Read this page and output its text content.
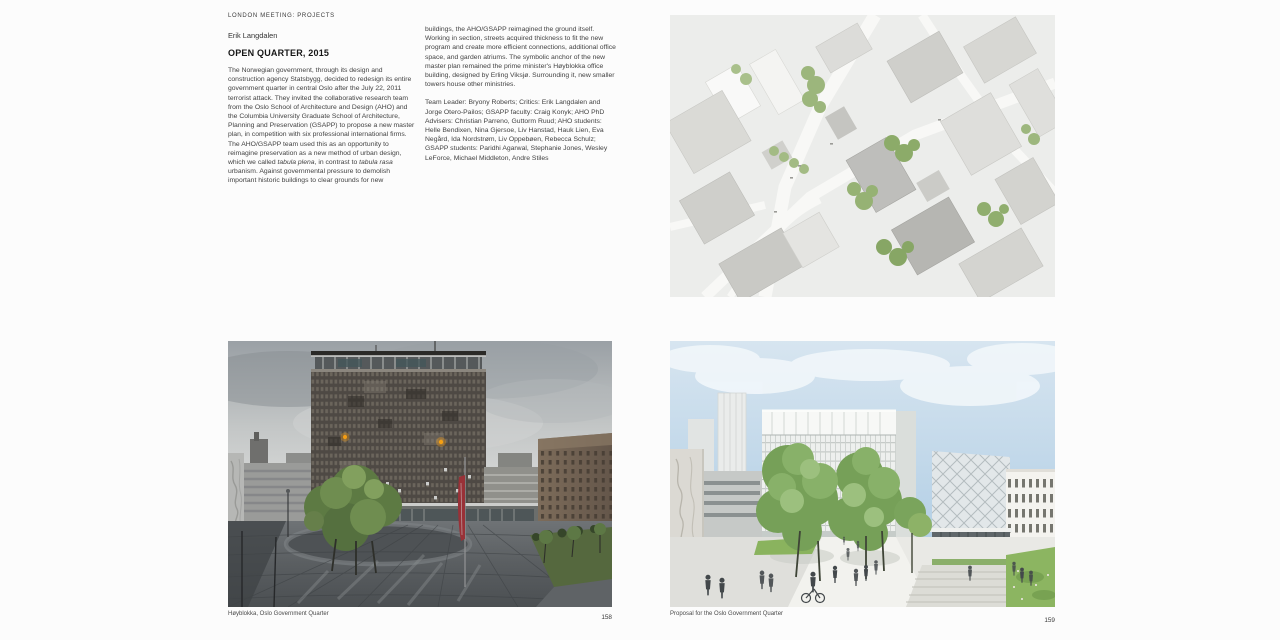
LONDON MEETING: PROJECTS
Erik Langdalen
OPEN QUARTER, 2015
The Norwegian government, through its design and construction agency Statsbygg, decided to redesign its entire government quarter in central Oslo after the July 22, 2011 terrorist attack. They invited the collaborative research team from the Oslo School of Architecture and Design (AHO) and the Columbia University Graduate School of Architecture, Planning and Preservation (GSAPP) to propose a new master plan, in competition with six professional international firms. The AHO/GSAPP team used this as an opportunity to reimagine preservation as a new method of urban design, which we called tabula plena, in contrast to tabula rasa urbanism. Against governmental pressure to demolish important historic buildings to clear grounds for new
buildings, the AHO/GSAPP reimagined the ground itself. Working in section, streets acquired thickness to fit the new program and create more efficient connections, additional office space, and garden atriums. The symbolic anchor of the new master plan remained the prime minister's Høyblokka office building, designed by Erling Viksjø. Surrounding it, new smaller towers house other ministries.
Team Leader: Bryony Roberts; Critics: Erik Langdalen and Jorge Otero-Pailos; GSAPP faculty: Craig Konyk; AHO PhD Advisers: Christian Parreno, Guttorm Ruud; AHO students: Helle Bendixen, Nina Gjersoe, Liv Hanstad, Hauk Lien, Eva Negård, Ida Nordstrøm, Liv Oppebøen, Rebecca Schulz; GSAPP students: Paridhi Agarwal, Stephanie Jones, Wesley LeForce, Michael Middleton, Andre Stiles
Høyblokka, Oslo Government Quarter	Proposal for the Oslo Government Quarter
158	159
